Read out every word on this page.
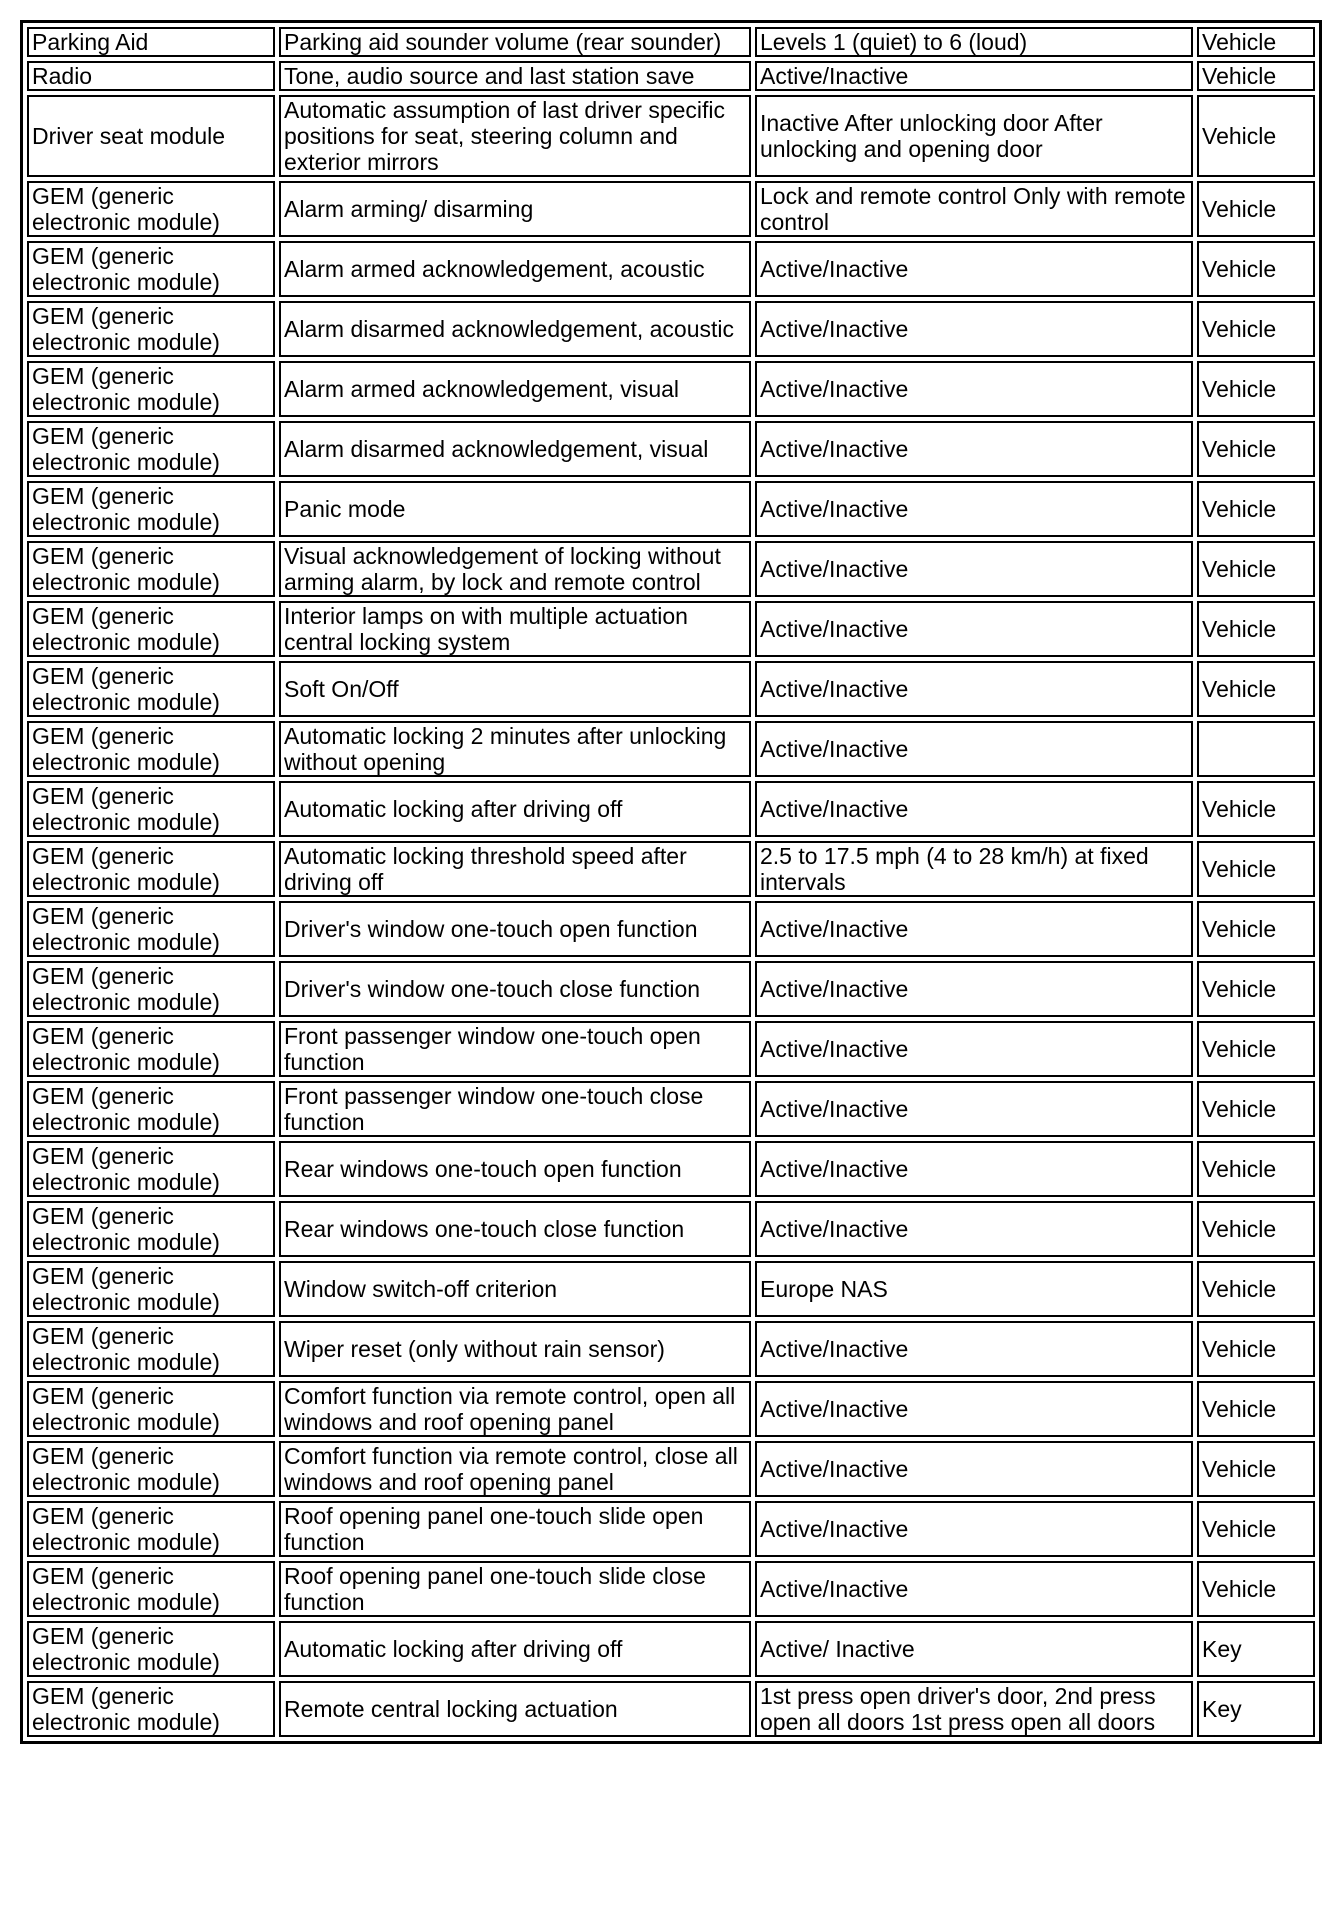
Parking Aid	Parking aid sounder volume (rear sounder)	Levels 1 (quiet) to 6 (loud)	Vehicle
Radio	Tone, audio source and last station save	Active/Inactive	Vehicle
Driver seat module	Automatic assumption of last driver specific positions for seat, steering column and exterior mirrors	Inactive After unlocking door After unlocking and opening door	Vehicle
GEM (generic electronic module)	Alarm arming/ disarming	Lock and remote control Only with remote control	Vehicle
GEM (generic electronic module)	Alarm armed acknowledgement, acoustic	Active/Inactive	Vehicle
GEM (generic electronic module)	Alarm disarmed acknowledgement, acoustic	Active/Inactive	Vehicle
GEM (generic electronic module)	Alarm armed acknowledgement, visual	Active/Inactive	Vehicle
GEM (generic electronic module)	Alarm disarmed acknowledgement, visual	Active/Inactive	Vehicle
GEM (generic electronic module)	Panic mode	Active/Inactive	Vehicle
GEM (generic electronic module)	Visual acknowledgement of locking without arming alarm, by lock and remote control	Active/Inactive	Vehicle
GEM (generic electronic module)	Interior lamps on with multiple actuation central locking system	Active/Inactive	Vehicle
GEM (generic electronic module)	Soft On/Off	Active/Inactive	Vehicle
GEM (generic electronic module)	Automatic locking 2 minutes after unlocking without opening	Active/Inactive	
GEM (generic electronic module)	Automatic locking after driving off	Active/Inactive	Vehicle
GEM (generic electronic module)	Automatic locking threshold speed after driving off	2.5 to 17.5 mph (4 to 28 km/h) at fixed intervals	Vehicle
GEM (generic electronic module)	Driver's window one-touch open function	Active/Inactive	Vehicle
GEM (generic electronic module)	Driver's window one-touch close function	Active/Inactive	Vehicle
GEM (generic electronic module)	Front passenger window one-touch open function	Active/Inactive	Vehicle
GEM (generic electronic module)	Front passenger window one-touch close function	Active/Inactive	Vehicle
GEM (generic electronic module)	Rear windows one-touch open function	Active/Inactive	Vehicle
GEM (generic electronic module)	Rear windows one-touch close function	Active/Inactive	Vehicle
GEM (generic electronic module)	Window switch-off criterion	Europe NAS	Vehicle
GEM (generic electronic module)	Wiper reset (only without rain sensor)	Active/Inactive	Vehicle
GEM (generic electronic module)	Comfort function via remote control, open all windows and roof opening panel	Active/Inactive	Vehicle
GEM (generic electronic module)	Comfort function via remote control, close all windows and roof opening panel	Active/Inactive	Vehicle
GEM (generic electronic module)	Roof opening panel one-touch slide open function	Active/Inactive	Vehicle
GEM (generic electronic module)	Roof opening panel one-touch slide close function	Active/Inactive	Vehicle
GEM (generic electronic module)	Automatic locking after driving off	Active/ Inactive	Key
GEM (generic electronic module)	Remote central locking actuation	1st press open driver's door, 2nd press open all doors 1st press open all doors	Key
